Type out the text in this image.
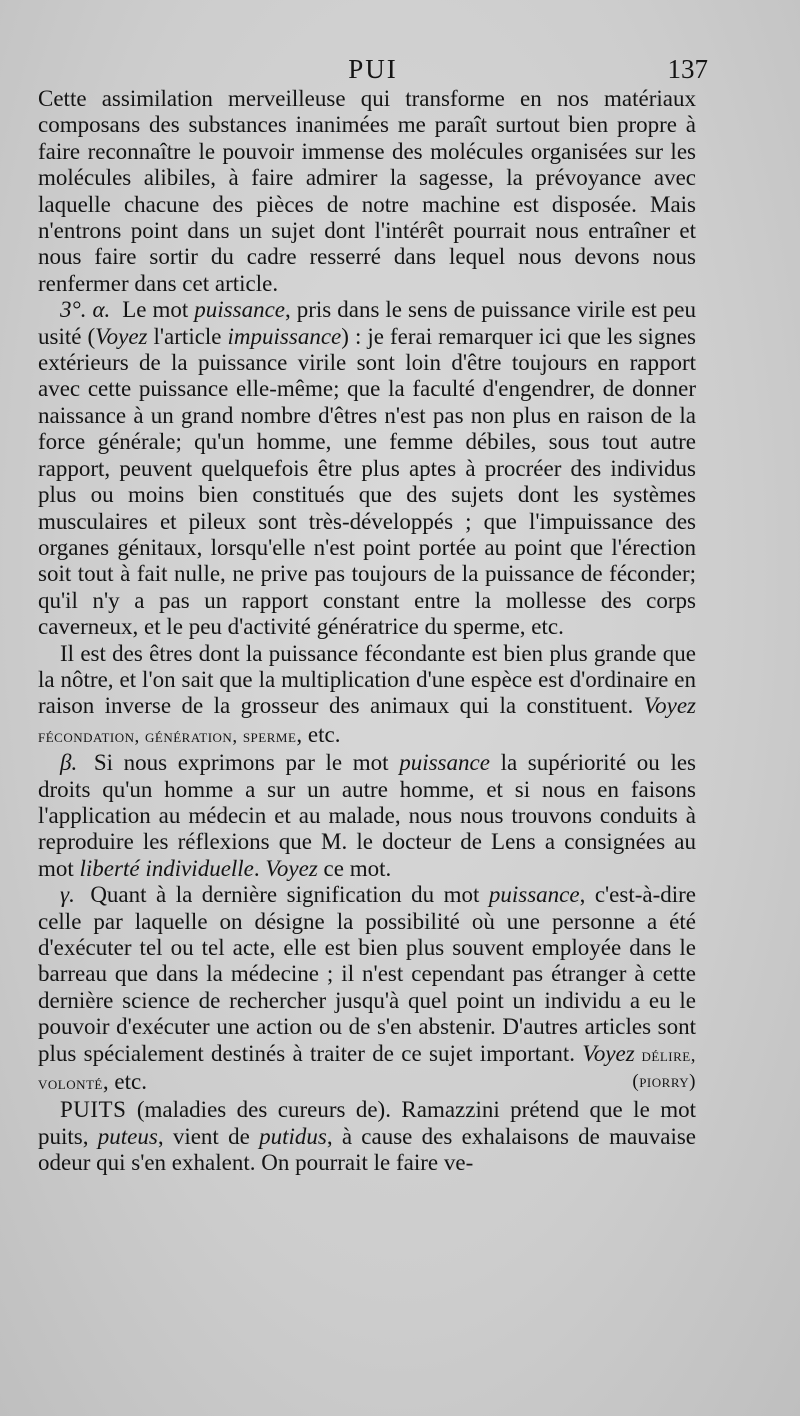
PUI	137

Cette assimilation merveilleuse qui transforme en nos matériaux composans des substances inanimées me paraît surtout bien propre à faire reconnaître le pouvoir immense des molécules organisées sur les molécules alibiles, à faire admirer la sagesse, la prévoyance avec laquelle chacune des pièces de notre machine est disposée. Mais n'entrons point dans un sujet dont l'intérêt pourrait nous entraîner et nous faire sortir du cadre resserré dans lequel nous devons nous renfermer dans cet article.

3°. α. Le mot puissance, pris dans le sens de puissance virile est peu usité (Voyez l'article impuissance) : je ferai remarquer ici que les signes extérieurs de la puissance virile sont loin d'être toujours en rapport avec cette puissance elle-même; que la faculté d'engendrer, de donner naissance à un grand nombre d'êtres n'est pas non plus en raison de la force générale; qu'un homme, une femme débiles, sous tout autre rapport, peuvent quelquefois être plus aptes à procréer des individus plus ou moins bien constitués que des sujets dont les systèmes musculaires et pileux sont très-développés ; que l'impuissance des organes génitaux, lorsqu'elle n'est point portée au point que l'érection soit tout à fait nulle, ne prive pas toujours de la puissance de féconder; qu'il n'y a pas un rapport constant entre la mollesse des corps caverneux, et le peu d'activité génératrice du sperme, etc.

Il est des êtres dont la puissance fécondante est bien plus grande que la nôtre, et l'on sait que la multiplication d'une espèce est d'ordinaire en raison inverse de la grosseur des animaux qui la constituent. Voyez fécondation, génération, sperme, etc.

β. Si nous exprimons par le mot puissance la supériorité ou les droits qu'un homme a sur un autre homme, et si nous en faisons l'application au médecin et au malade, nous nous trouvons conduits à reproduire les réflexions que M. le docteur de Lens a consignées au mot liberté individuelle. Voyez ce mot.

γ. Quant à la dernière signification du mot puissance, c'est-à-dire celle par laquelle on désigne la possibilité où une personne a été d'exécuter tel ou tel acte, elle est bien plus souvent employée dans le barreau que dans la médecine ; il n'est cependant pas étranger à cette dernière science de rechercher jusqu'à quel point un individu a eu le pouvoir d'exécuter une action ou de s'en abstenir. D'autres articles sont plus spécialement destinés à traiter de ce sujet important. Voyez délire, volonté, etc.	(piorry)

PUITS (maladies des cureurs de). Ramazzini prétend que le mot puits, puteus, vient de putidus, à cause des exhalaisons de mauvaise odeur qui s'en exhalent. On pourrait le faire ve-
